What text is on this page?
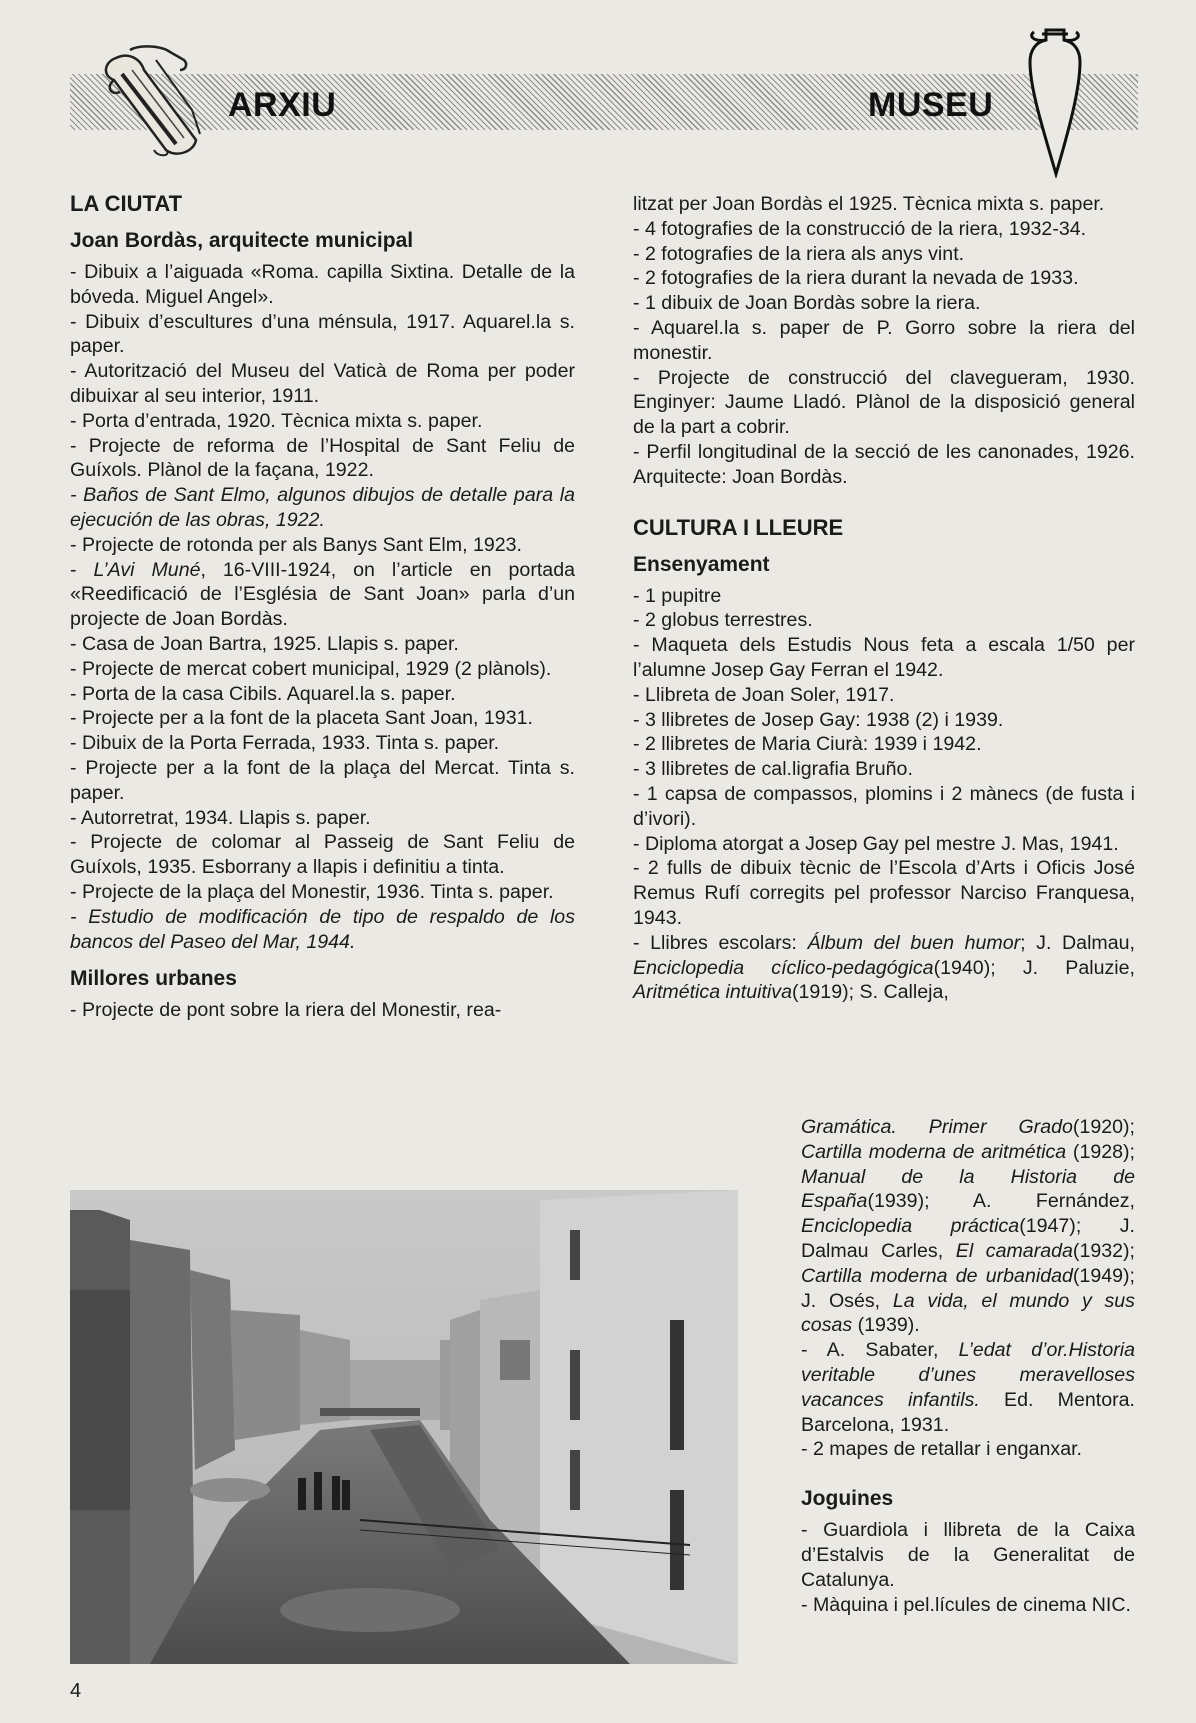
ARXIU	MUSEU
LA CIUTAT
Joan Bordàs, arquitecte municipal

- Dibuix a l’aiguada «Roma. capilla Sixtina. Detalle de la bóveda. Miguel Angel».

- Dibuix d’escultures d’una ménsula, 1917. Aquarel.la s. paper.

- Autorització del Museu del Vaticà de Roma per poder dibuixar al seu interior, 1911.

- Porta d’entrada, 1920. Tècnica mixta s. paper.

- Projecte de reforma de l’Hospital de Sant Feliu de Guíxols. Plànol de la façana, 1922.

- Baños de Sant Elmo, algunos dibujos de detalle para la ejecución de las obras, 1922.

- Projecte de rotonda per als Banys Sant Elm, 1923.

- L’Avi Muné, 16-VIII-1924, on l’article en portada «Reedificació de l’Església de Sant Joan» parla d’un projecte de Joan Bordàs.

- Casa de Joan Bartra, 1925. Llapis s. paper.

- Projecte de mercat cobert municipal, 1929 (2 plànols).

- Porta de la casa Cibils. Aquarel.la s. paper.

- Projecte per a la font de la placeta Sant Joan, 1931.

- Dibuix de la Porta Ferrada, 1933. Tinta s. paper.

- Projecte per a la font de la plaça del Mercat. Tinta s. paper.

- Autorretrat, 1934. Llapis s. paper.

- Projecte de colomar al Passeig de Sant Feliu de Guíxols, 1935. Esborrany a llapis i definitiu a tinta.

- Projecte de la plaça del Monestir, 1936. Tinta s. paper.

- Estudio de modificación de tipo de respaldo de los bancos del Paseo del Mar, 1944.

Millores urbanes

- Projecte de pont sobre la riera del Monestir, rea-

litzat per Joan Bordàs el 1925. Tècnica mixta s. paper.

- 4 fotografies de la construcció de la riera, 1932-34.

- 2 fotografies de la riera als anys vint.

- 2 fotografies de la riera durant la nevada de 1933.

- 1 dibuix de Joan Bordàs sobre la riera.

- Aquarel.la s. paper de P. Gorro sobre la riera del monestir.

- Projecte de construcció del clavegueram, 1930. Enginyer: Jaume Lladó. Plànol de la disposició general de la part a cobrir.

- Perfil longitudinal de la secció de les canonades, 1926. Arquitecte: Joan Bordàs.

CULTURA I LLEURE
Ensenyament

- 1 pupitre

- 2 globus terrestres.

- Maqueta dels Estudis Nous feta a escala 1/50 per l’alumne Josep Gay Ferran el 1942.

- Llibreta de Joan Soler, 1917.

- 3 llibretes de Josep Gay: 1938 (2) i 1939.

- 2 llibretes de Maria Ciurà: 1939 i 1942.

- 3 llibretes de cal.ligrafia Bruño.

- 1 capsa de compassos, plomins i 2 mànecs (de fusta i d’ivori).

- Diploma atorgat a Josep Gay pel mestre J. Mas, 1941.

- 2 fulls de dibuix tècnic de l’Escola d’Arts i Oficis José Remus Rufí corregits pel professor Narciso Franquesa, 1943.

- Llibres escolars: Álbum del buen humor; J. Dalmau, Enciclopedia cíclico-pedagógica(1940); J. Paluzie, Aritmética intuitiva(1919); S. Calleja,

Gramática. Primer Grado(1920); Cartilla moderna de aritmética (1928); Manual de la Historia de España(1939); A. Fernández, Enciclopedia práctica(1947); J. Dalmau Carles, El camarada(1932); Cartilla moderna de urbanidad(1949); J. Osés, La vida, el mundo y sus cosas (1939).

- A. Sabater, L’edat d’or.Historia veritable d’unes meravelloses vacances infantils. Ed. Mentora. Barcelona, 1931.

- 2 mapes de retallar i enganxar.

Joguines

- Guardiola i llibreta de la Caixa d’Estalvis de la Generalitat de Catalunya.

- Màquina i pel.lícules de cinema NIC.

4
